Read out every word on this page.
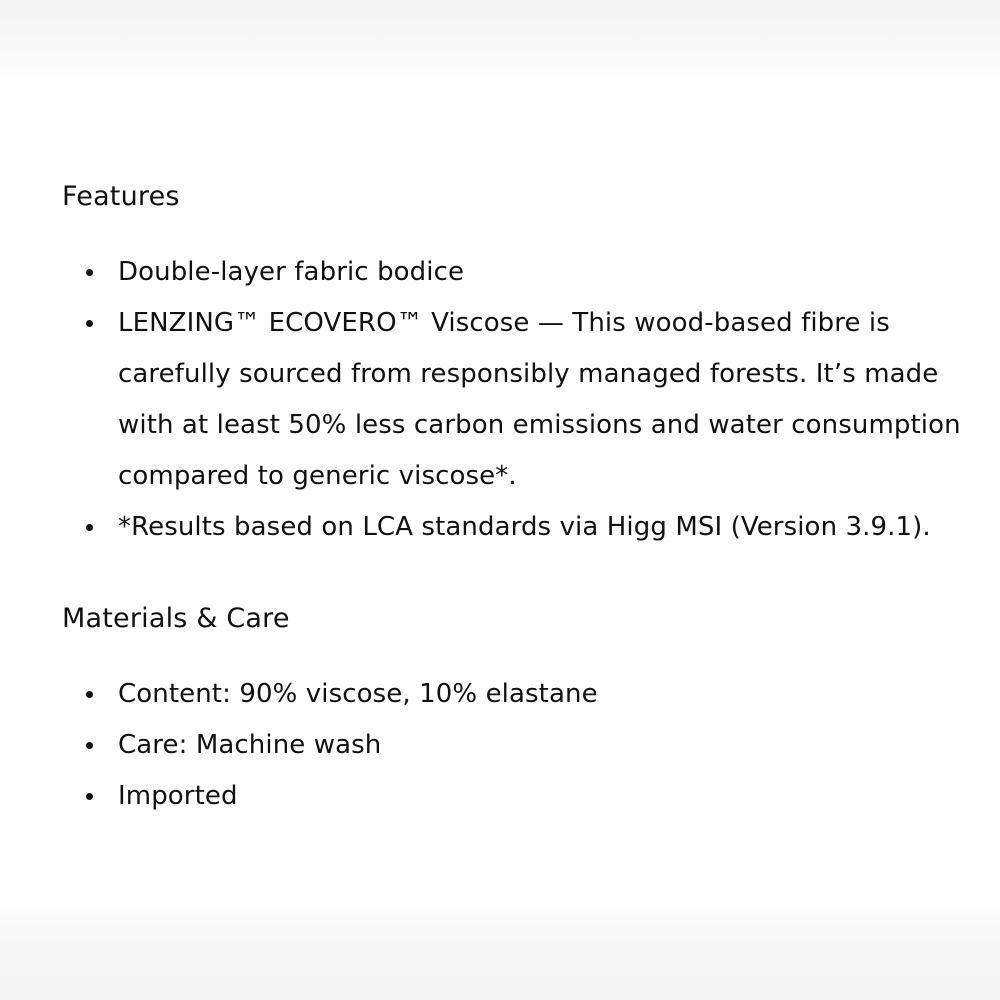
Features
Double-layer fabric bodice
LENZING™ ECOVERO™ Viscose — This wood-based fibre is carefully sourced from responsibly managed forests. It’s made with at least 50% less carbon emissions and water consumption compared to generic viscose*.
*Results based on LCA standards via Higg MSI (Version 3.9.1).
Materials & Care
Content: 90% viscose, 10% elastane
Care: Machine wash
Imported
